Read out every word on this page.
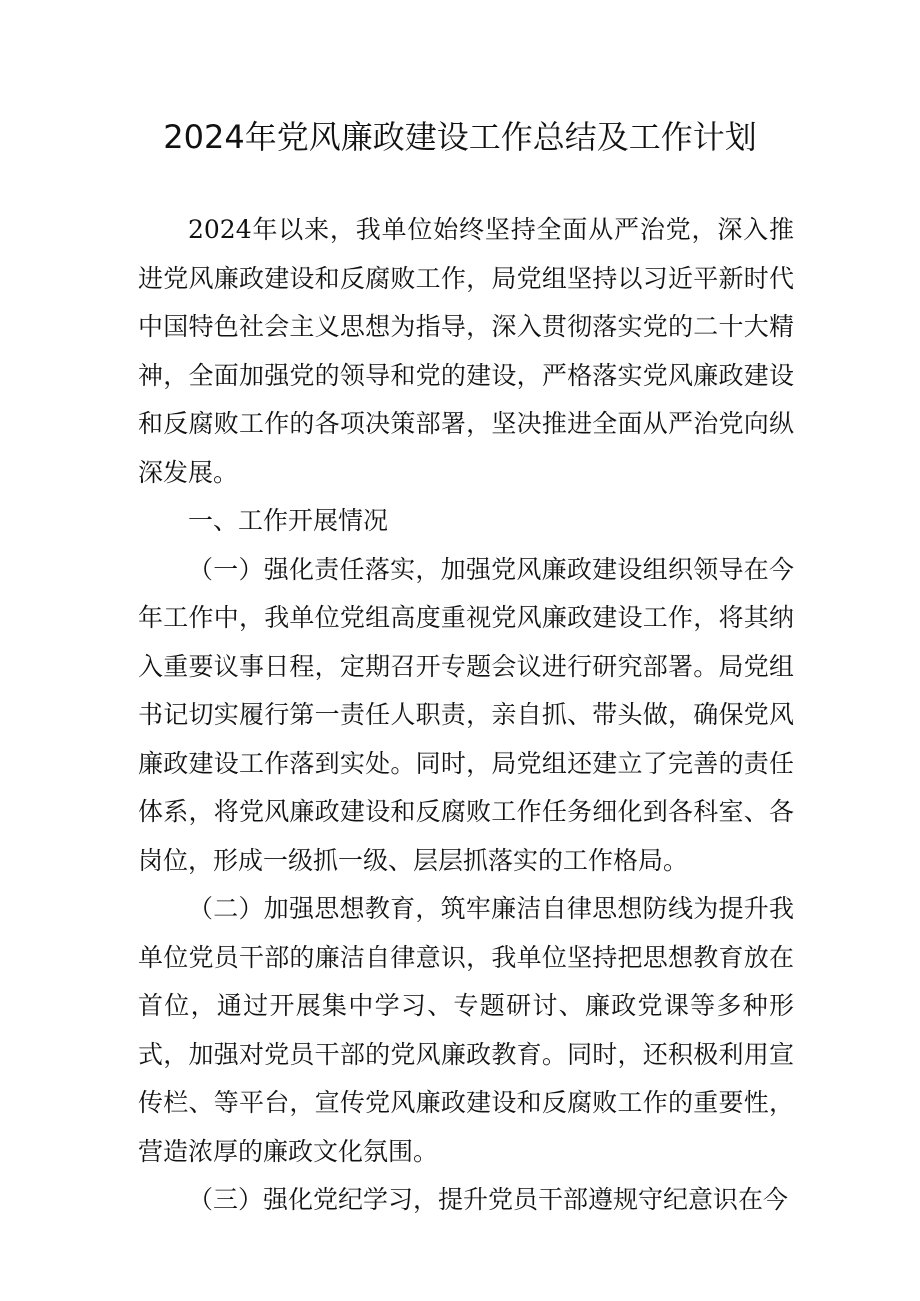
2024年党风廉政建设工作总结及工作计划

2024年以来，我单位始终坚持全面从严治党，深入推进党风廉政建设和反腐败工作，局党组坚持以习近平新时代中国特色社会主义思想为指导，深入贯彻落实党的二十大精神，全面加强党的领导和党的建设，严格落实党风廉政建设和反腐败工作的各项决策部署，坚决推进全面从严治党向纵深发展。

一、工作开展情况

（一）强化责任落实，加强党风廉政建设组织领导在今年工作中，我单位党组高度重视党风廉政建设工作，将其纳入重要议事日程，定期召开专题会议进行研究部署。局党组书记切实履行第一责任人职责，亲自抓、带头做，确保党风廉政建设工作落到实处。同时，局党组还建立了完善的责任体系，将党风廉政建设和反腐败工作任务细化到各科室、各岗位，形成一级抓一级、层层抓落实的工作格局。

（二）加强思想教育，筑牢廉洁自律思想防线为提升我单位党员干部的廉洁自律意识，我单位坚持把思想教育放在首位，通过开展集中学习、专题研讨、廉政党课等多种形式，加强对党员干部的党风廉政教育。同时，还积极利用宣传栏、等平台，宣传党风廉政建设和反腐败工作的重要性，营造浓厚的廉政文化氛围。

（三）强化党纪学习，提升党员干部遵规守纪意识在今
